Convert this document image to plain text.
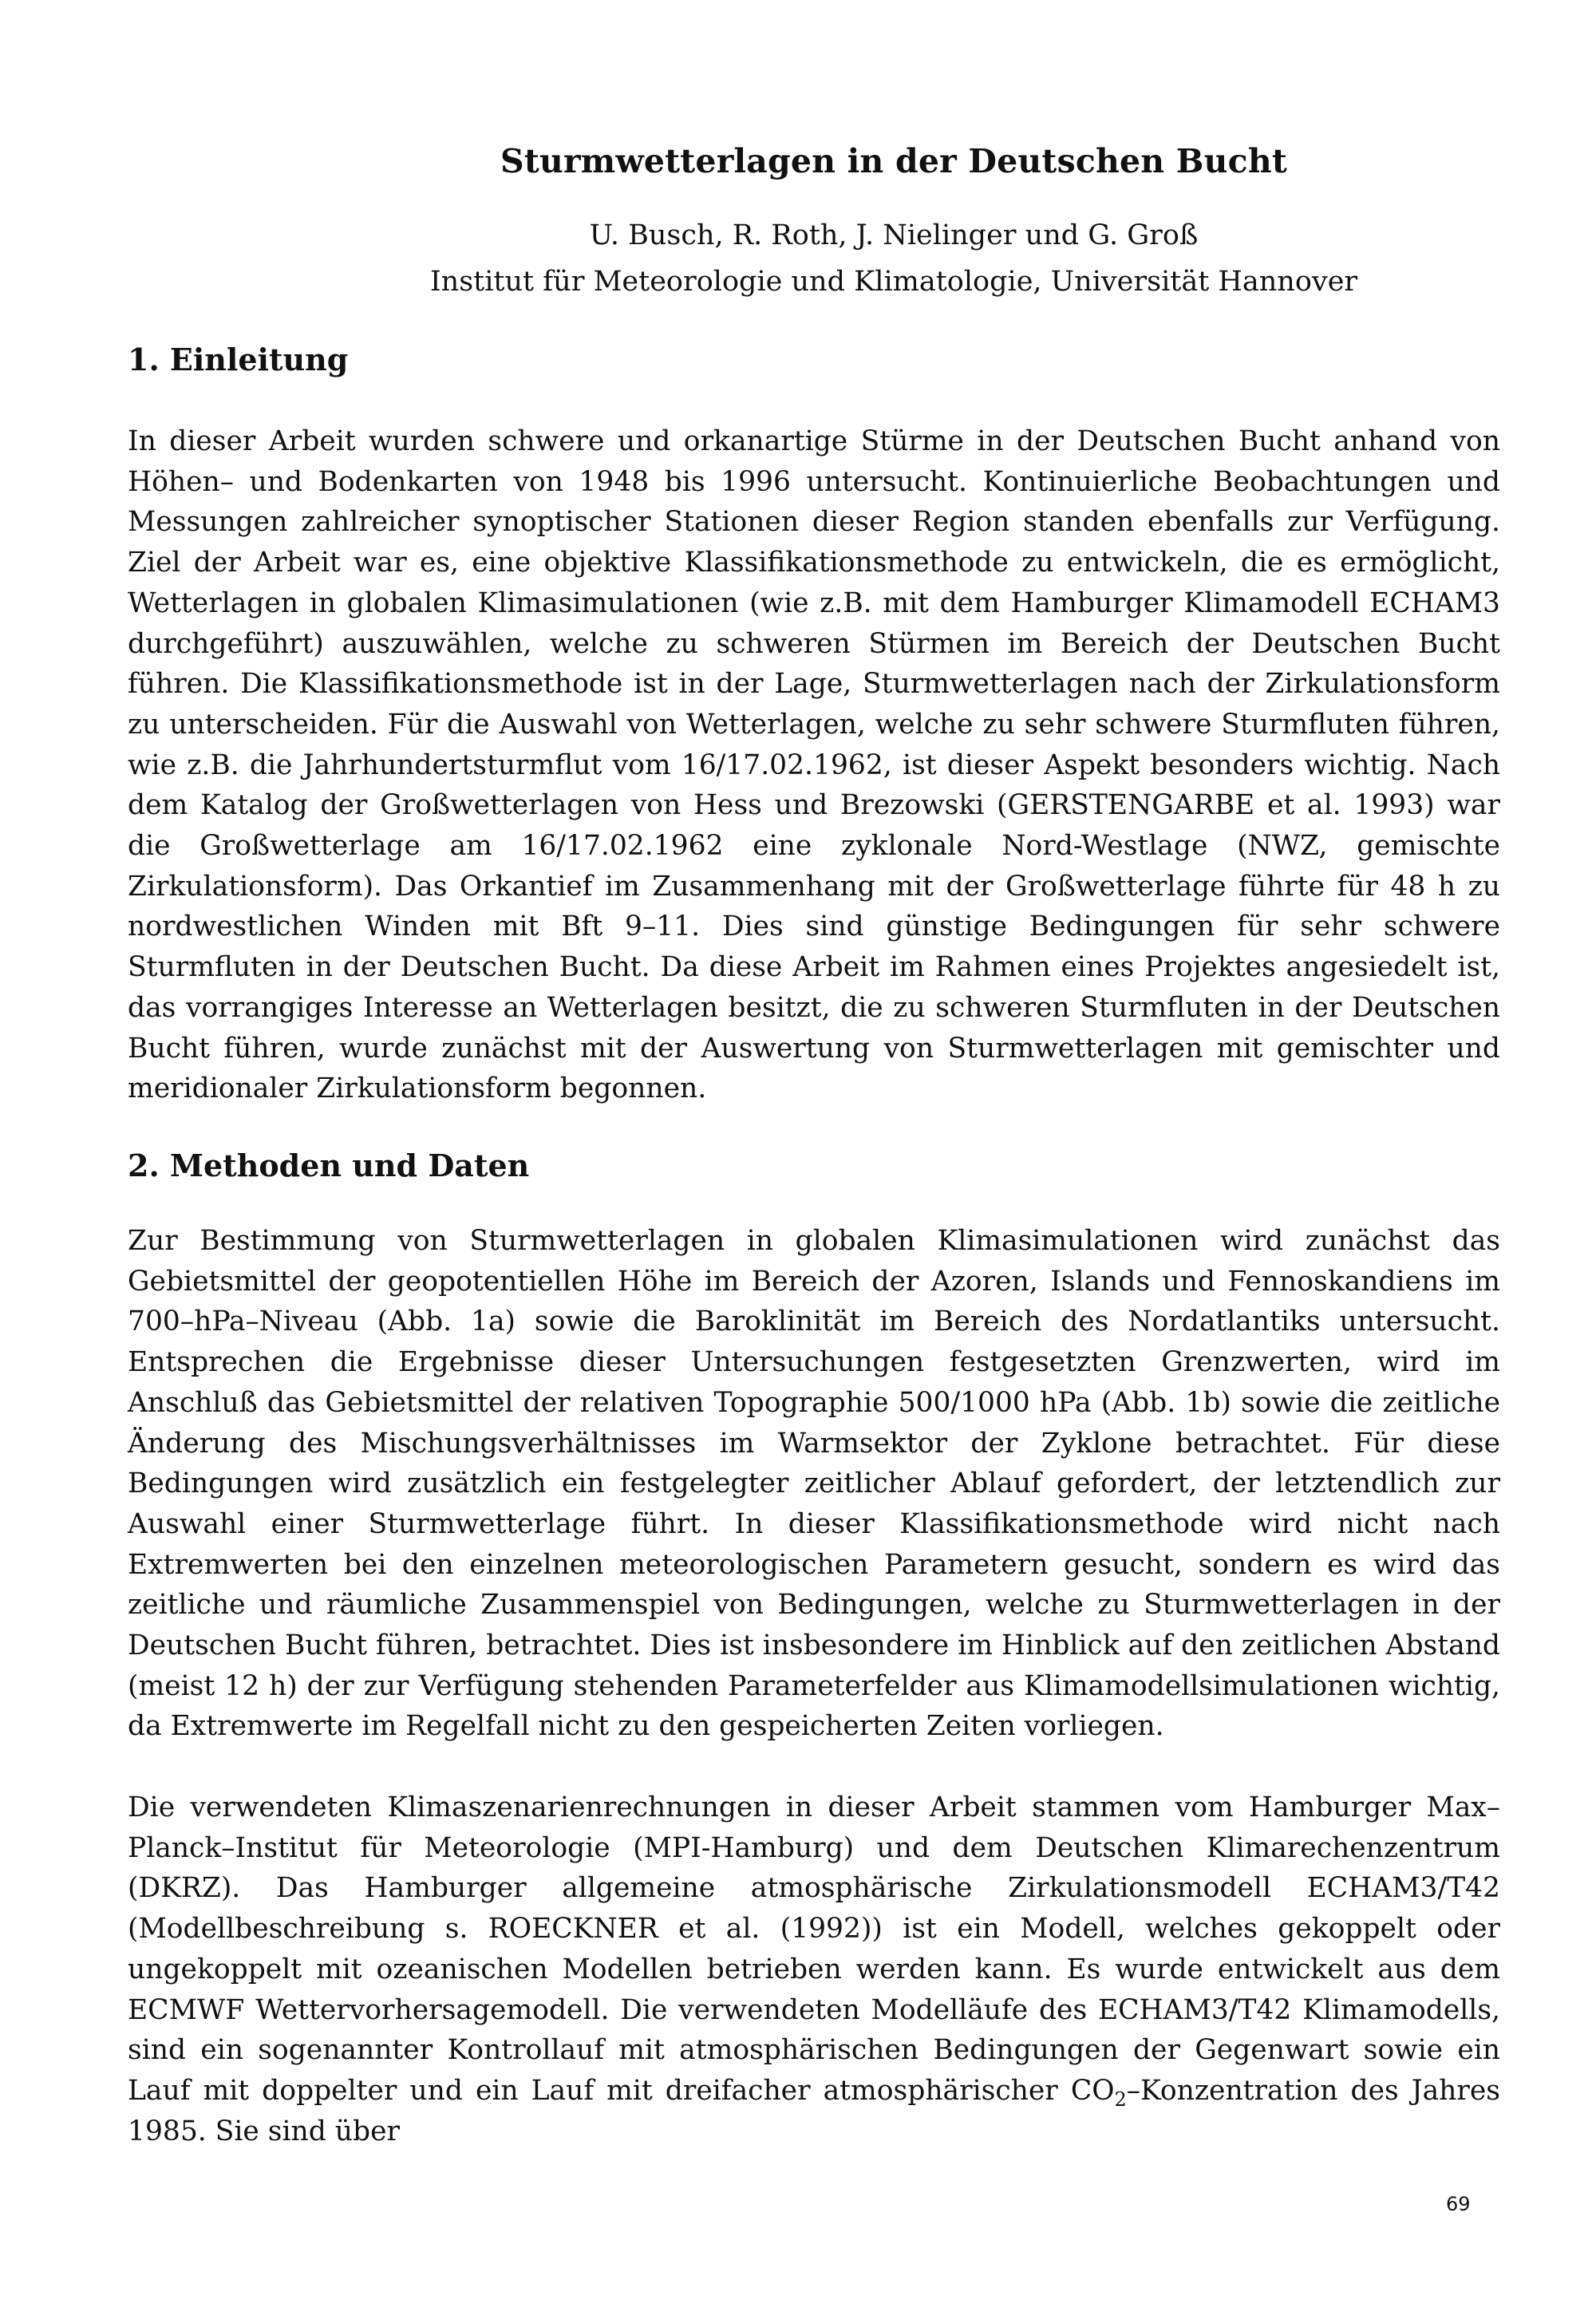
Sturmwetterlagen in der Deutschen Bucht
U. Busch, R. Roth, J. Nielinger und G. Groß
Institut für Meteorologie und Klimatologie, Universität Hannover
1. Einleitung
In dieser Arbeit wurden schwere und orkanartige Stürme in der Deutschen Bucht anhand von Höhen– und Bodenkarten von 1948 bis 1996 untersucht. Kontinuierliche Beobachtungen und Messungen zahlreicher synoptischer Stationen dieser Region standen ebenfalls zur Verfügung. Ziel der Arbeit war es, eine objektive Klassifikationsmethode zu entwickeln, die es ermöglicht, Wetterlagen in globalen Klimasimulationen (wie z.B. mit dem Hamburger Klimamodell ECHAM3 durchgeführt) auszuwählen, welche zu schweren Stürmen im Bereich der Deutschen Bucht führen. Die Klassifikationsmethode ist in der Lage, Sturmwetterlagen nach der Zirkulationsform zu unterscheiden. Für die Auswahl von Wetterlagen, welche zu sehr schwere Sturmfluten führen, wie z.B. die Jahrhundertsturmflut vom 16/17.02.1962, ist dieser Aspekt besonders wichtig. Nach dem Katalog der Großwetterlagen von Hess und Brezowski (GERSTENGARBE et al. 1993) war die Großwetterlage am 16/17.02.1962 eine zyklonale Nord-Westlage (NWZ, gemischte Zirkulationsform). Das Orkantief im Zusammenhang mit der Großwetterlage führte für 48 h zu nordwestlichen Winden mit Bft 9–11. Dies sind günstige Bedingungen für sehr schwere Sturmfluten in der Deutschen Bucht. Da diese Arbeit im Rahmen eines Projektes angesiedelt ist, das vorrangiges Interesse an Wetterlagen besitzt, die zu schweren Sturmfluten in der Deutschen Bucht führen, wurde zunächst mit der Auswertung von Sturmwetterlagen mit gemischter und meridionaler Zirkulationsform begonnen.
2. Methoden und Daten
Zur Bestimmung von Sturmwetterlagen in globalen Klimasimulationen wird zunächst das Gebietsmittel der geopotentiellen Höhe im Bereich der Azoren, Islands und Fennoskandiens im 700–hPa–Niveau (Abb. 1a) sowie die Baroklinität im Bereich des Nordatlantiks untersucht. Entsprechen die Ergebnisse dieser Untersuchungen festgesetzten Grenzwerten, wird im Anschluß das Gebietsmittel der relativen Topographie 500/1000 hPa (Abb. 1b) sowie die zeitliche Änderung des Mischungsverhältnisses im Warmsektor der Zyklone betrachtet. Für diese Bedingungen wird zusätzlich ein festgelegter zeitlicher Ablauf gefordert, der letztendlich zur Auswahl einer Sturmwetterlage führt. In dieser Klassifikationsmethode wird nicht nach Extremwerten bei den einzelnen meteorologischen Parametern gesucht, sondern es wird das zeitliche und räumliche Zusammenspiel von Bedingungen, welche zu Sturmwetterlagen in der Deutschen Bucht führen, betrachtet. Dies ist insbesondere im Hinblick auf den zeitlichen Abstand (meist 12 h) der zur Verfügung stehenden Parameterfelder aus Klimamodellsimulationen wichtig, da Extremwerte im Regelfall nicht zu den gespeicherten Zeiten vorliegen.
Die verwendeten Klimaszenarienrechnungen in dieser Arbeit stammen vom Hamburger Max–Planck–Institut für Meteorologie (MPI-Hamburg) und dem Deutschen Klimarechenzentrum (DKRZ). Das Hamburger allgemeine atmosphärische Zirkulationsmodell ECHAM3/T42 (Modellbeschreibung s. ROECKNER et al. (1992)) ist ein Modell, welches gekoppelt oder ungekoppelt mit ozeanischen Modellen betrieben werden kann. Es wurde entwickelt aus dem ECMWF Wettervorhersagemodell. Die verwendeten Modelläufe des ECHAM3/T42 Klimamodells, sind ein sogenannter Kontrollauf mit atmosphärischen Bedingungen der Gegenwart sowie ein Lauf mit doppelter und ein Lauf mit dreifacher atmosphärischer $CO_2$–Konzentration des Jahres 1985. Sie sind über
69
